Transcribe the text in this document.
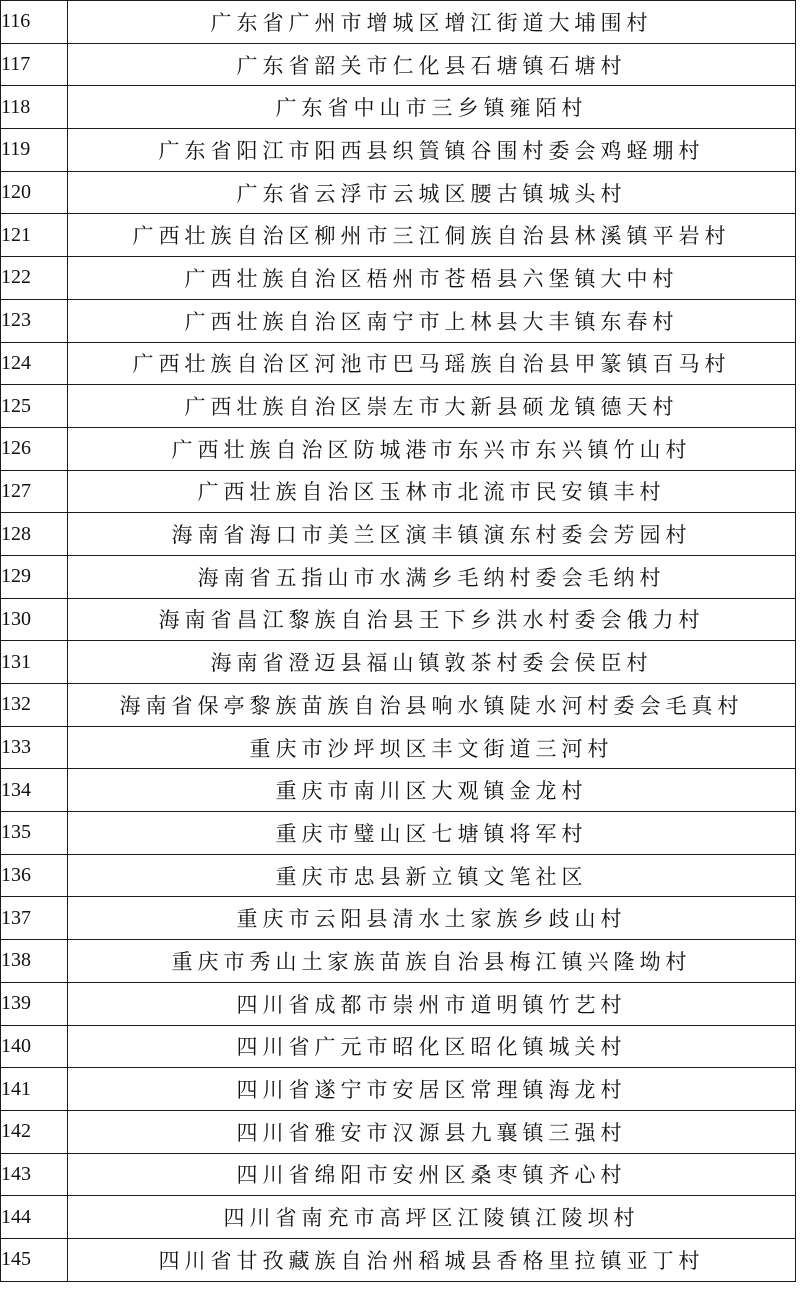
116	广东省广州市增城区增江街道大埔围村
117	广东省韶关市仁化县石塘镇石塘村
118	广东省中山市三乡镇雍陌村
119	广东省阳江市阳西县织篢镇谷围村委会鸡蛏堋村
120	广东省云浮市云城区腰古镇城头村
121	广西壮族自治区柳州市三江侗族自治县林溪镇平岩村
122	广西壮族自治区梧州市苍梧县六堡镇大中村
123	广西壮族自治区南宁市上林县大丰镇东春村
124	广西壮族自治区河池市巴马瑶族自治县甲篆镇百马村
125	广西壮族自治区崇左市大新县硕龙镇德天村
126	广西壮族自治区防城港市东兴市东兴镇竹山村
127	广西壮族自治区玉林市北流市民安镇丰村
128	海南省海口市美兰区演丰镇演东村委会芳园村
129	海南省五指山市水满乡毛纳村委会毛纳村
130	海南省昌江黎族自治县王下乡洪水村委会俄力村
131	海南省澄迈县福山镇敦茶村委会侯臣村
132	海南省保亭黎族苗族自治县响水镇陡水河村委会毛真村
133	重庆市沙坪坝区丰文街道三河村
134	重庆市南川区大观镇金龙村
135	重庆市璧山区七塘镇将军村
136	重庆市忠县新立镇文笔社区
137	重庆市云阳县清水土家族乡歧山村
138	重庆市秀山土家族苗族自治县梅江镇兴隆坳村
139	四川省成都市崇州市道明镇竹艺村
140	四川省广元市昭化区昭化镇城关村
141	四川省遂宁市安居区常理镇海龙村
142	四川省雅安市汉源县九襄镇三强村
143	四川省绵阳市安州区桑枣镇齐心村
144	四川省南充市高坪区江陵镇江陵坝村
145	四川省甘孜藏族自治州稻城县香格里拉镇亚丁村
